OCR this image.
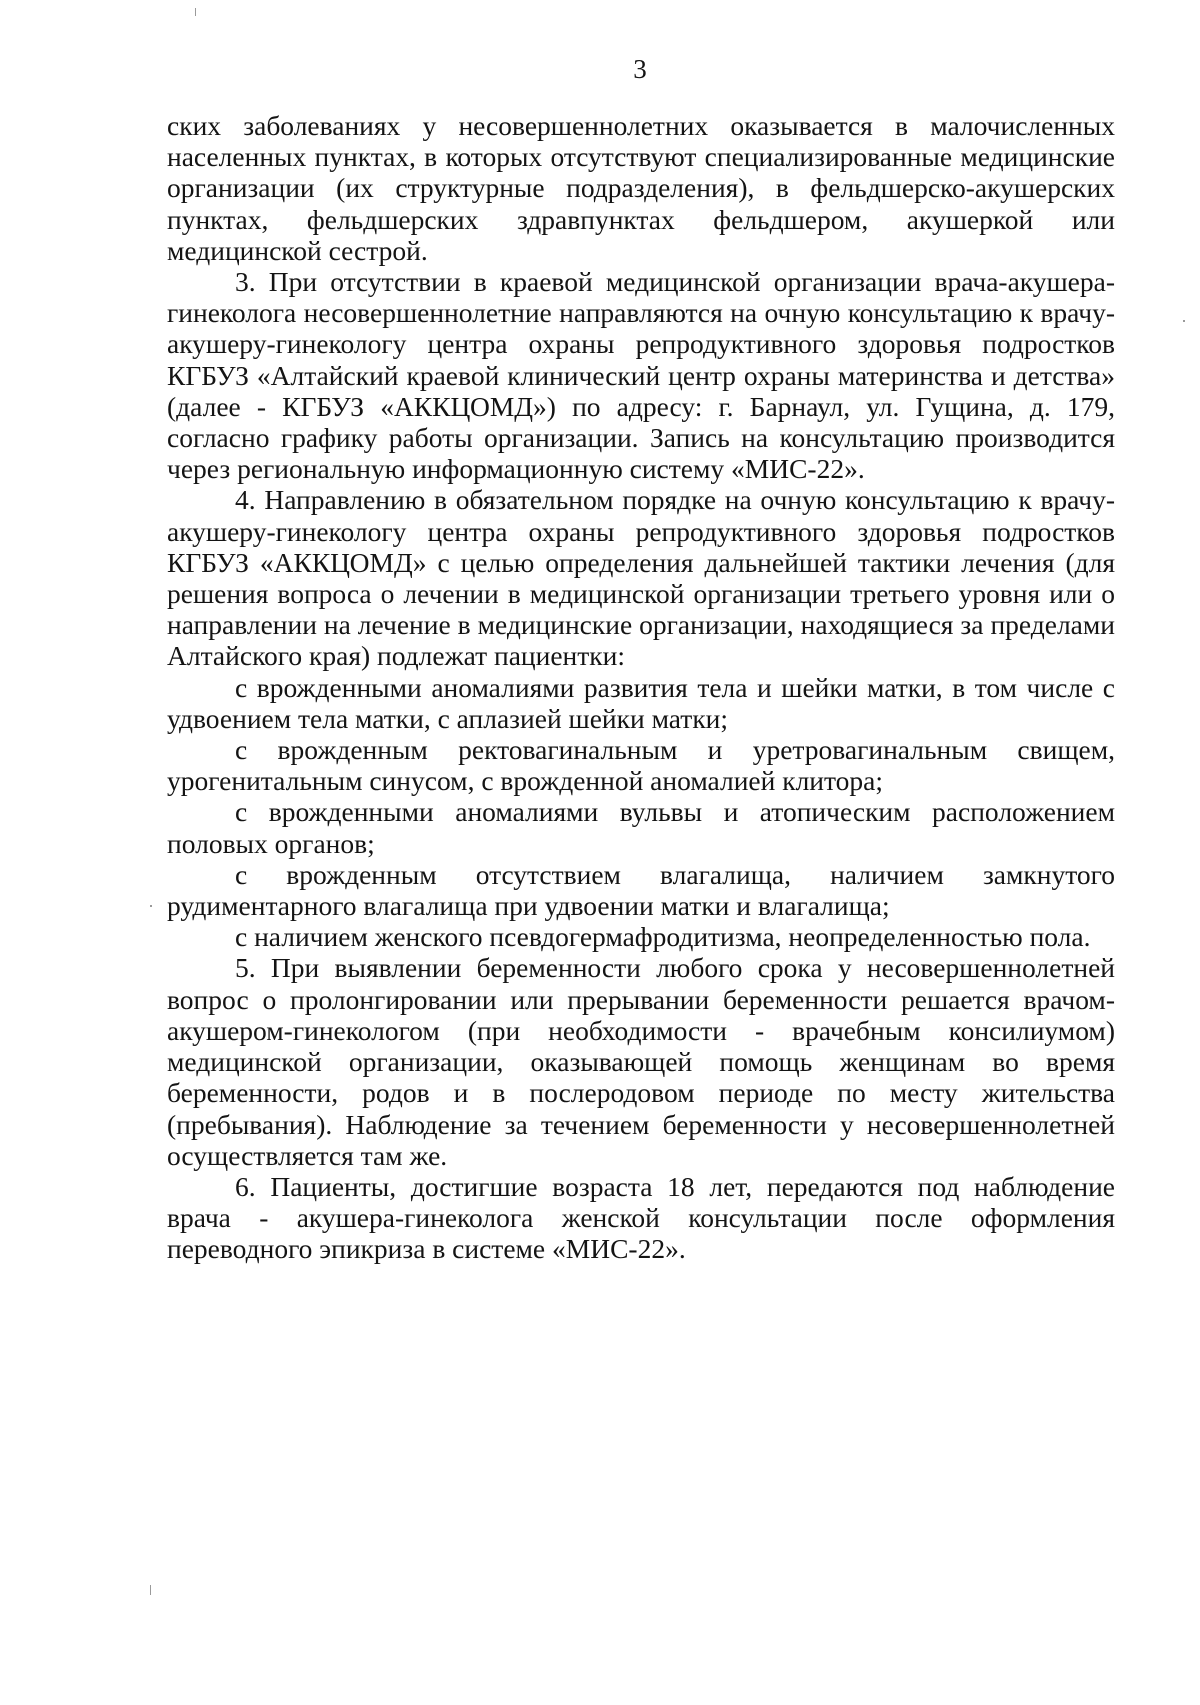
3

ских заболеваниях у несовершеннолетних оказывается в малочисленных населенных пунктах, в которых отсутствуют специализированные медицинские организации (их структурные подразделения), в фельдшерско-акушерских пунктах, фельдшерских здравпунктах фельдшером, акушеркой или медицинской сестрой.

3. При отсутствии в краевой медицинской организации врача-акушера-гинеколога несовершеннолетние направляются на очную консультацию к врачу-акушеру-гинекологу центра охраны репродуктивного здоровья подростков КГБУЗ «Алтайский краевой клинический центр охраны материнства и детства» (далее - КГБУЗ «АККЦОМД») по адресу: г. Барнаул, ул. Гущина, д. 179, согласно графику работы организации. Запись на консультацию производится через региональную информационную систему «МИС-22».

4. Направлению в обязательном порядке на очную консультацию к врачу-акушеру-гинекологу центра охраны репродуктивного здоровья подростков КГБУЗ «АККЦОМД» с целью определения дальнейшей тактики лечения (для решения вопроса о лечении в медицинской организации третьего уровня или о направлении на лечение в медицинские организации, находящиеся за пределами Алтайского края) подлежат пациентки:

с врожденными аномалиями развития тела и шейки матки, в том числе с удвоением тела матки, с аплазией шейки матки;

с врожденным ректовагинальным и уретровагинальным свищем, урогенитальным синусом, с врожденной аномалией клитора;

с врожденными аномалиями вульвы и атопическим расположением половых органов;

с врожденным отсутствием влагалища, наличием замкнутого рудиментарного влагалища при удвоении матки и влагалища;

с наличием женского псевдогермафродитизма, неопределенностью пола.

5. При выявлении беременности любого срока у несовершеннолетней вопрос о пролонгировании или прерывании беременности решается врачом-акушером-гинекологом (при необходимости - врачебным консилиумом) медицинской организации, оказывающей помощь женщинам во время беременности, родов и в послеродовом периоде по месту жительства (пребывания). Наблюдение за течением беременности у несовершеннолетней осуществляется там же.

6. Пациенты, достигшие возраста 18 лет, передаются под наблюдение врача - акушера-гинеколога женской консультации после оформления переводного эпикриза в системе «МИС-22».
